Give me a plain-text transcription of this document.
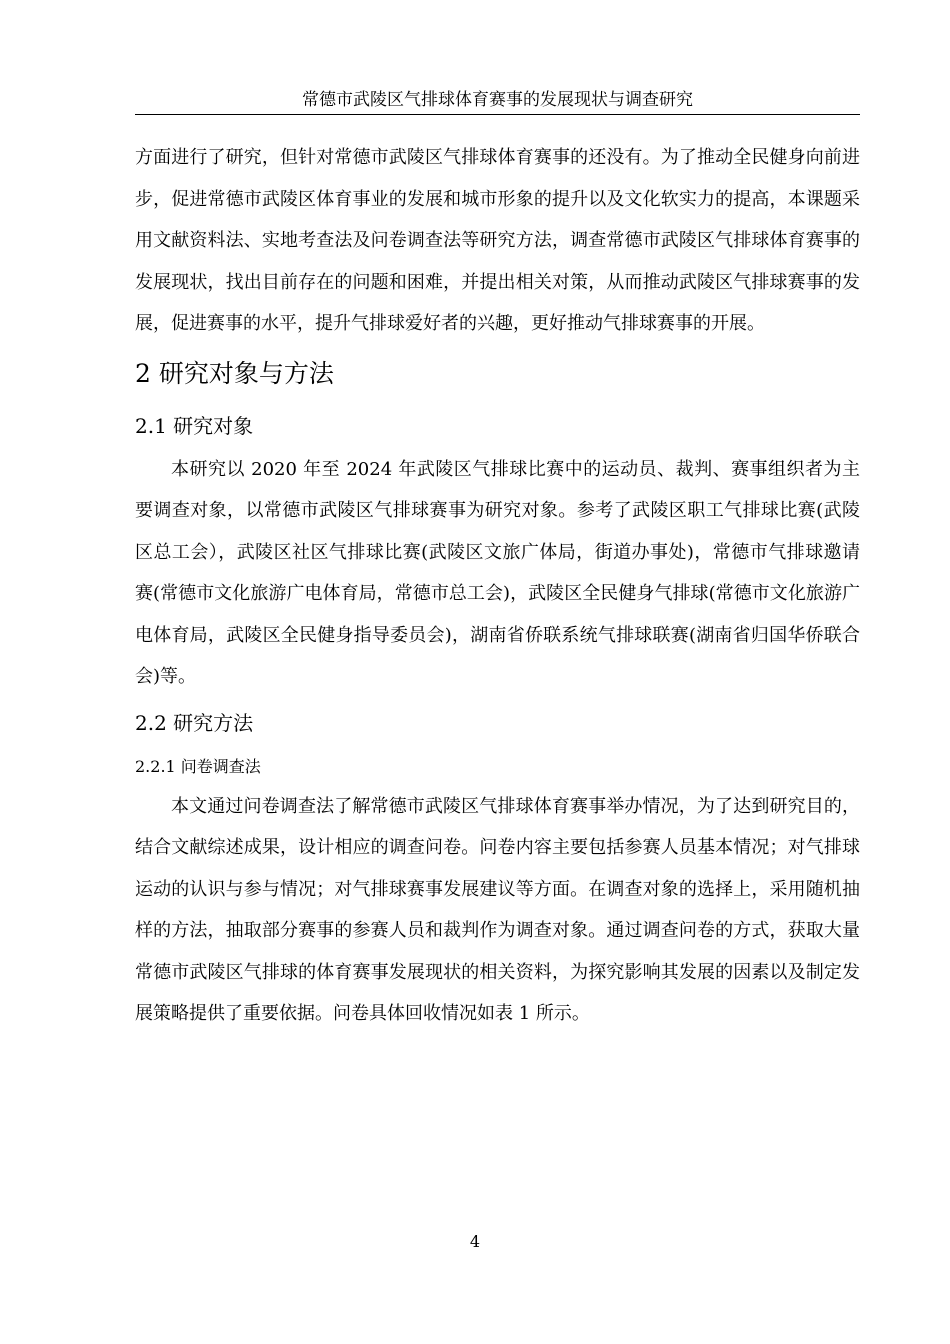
常德市武陵区气排球体育赛事的发展现状与调查研究

方面进行了研究，但针对常德市武陵区气排球体育赛事的还没有。为了推动全民健身向前进步，促进常德市武陵区体育事业的发展和城市形象的提升以及文化软实力的提高，本课题采用文献资料法、实地考查法及问卷调查法等研究方法，调查常德市武陵区气排球体育赛事的发展现状，找出目前存在的问题和困难，并提出相关对策，从而推动武陵区气排球赛事的发展，促进赛事的水平，提升气排球爱好者的兴趣，更好推动气排球赛事的开展。

2 研究对象与方法
2.1 研究对象

本研究以 2020 年至 2024 年武陵区气排球比赛中的运动员、裁判、赛事组织者为主要调查对象，以常德市武陵区气排球赛事为研究对象。参考了武陵区职工气排球比赛(武陵区总工会），武陵区社区气排球比赛(武陵区文旅广体局，街道办事处)，常德市气排球邀请赛(常德市文化旅游广电体育局，常德市总工会)，武陵区全民健身气排球(常德市文化旅游广电体育局，武陵区全民健身指导委员会)，湖南省侨联系统气排球联赛(湖南省归国华侨联合会)等。

2.2 研究方法
2.2.1 问卷调查法

本文通过问卷调查法了解常德市武陵区气排球体育赛事举办情况，为了达到研究目的，结合文献综述成果，设计相应的调查问卷。问卷内容主要包括参赛人员基本情况；对气排球运动的认识与参与情况；对气排球赛事发展建议等方面。在调查对象的选择上，采用随机抽样的方法，抽取部分赛事的参赛人员和裁判作为调查对象。通过调查问卷的方式，获取大量常德市武陵区气排球的体育赛事发展现状的相关资料，为探究影响其发展的因素以及制定发展策略提供了重要依据。问卷具体回收情况如表 1 所示。

4
